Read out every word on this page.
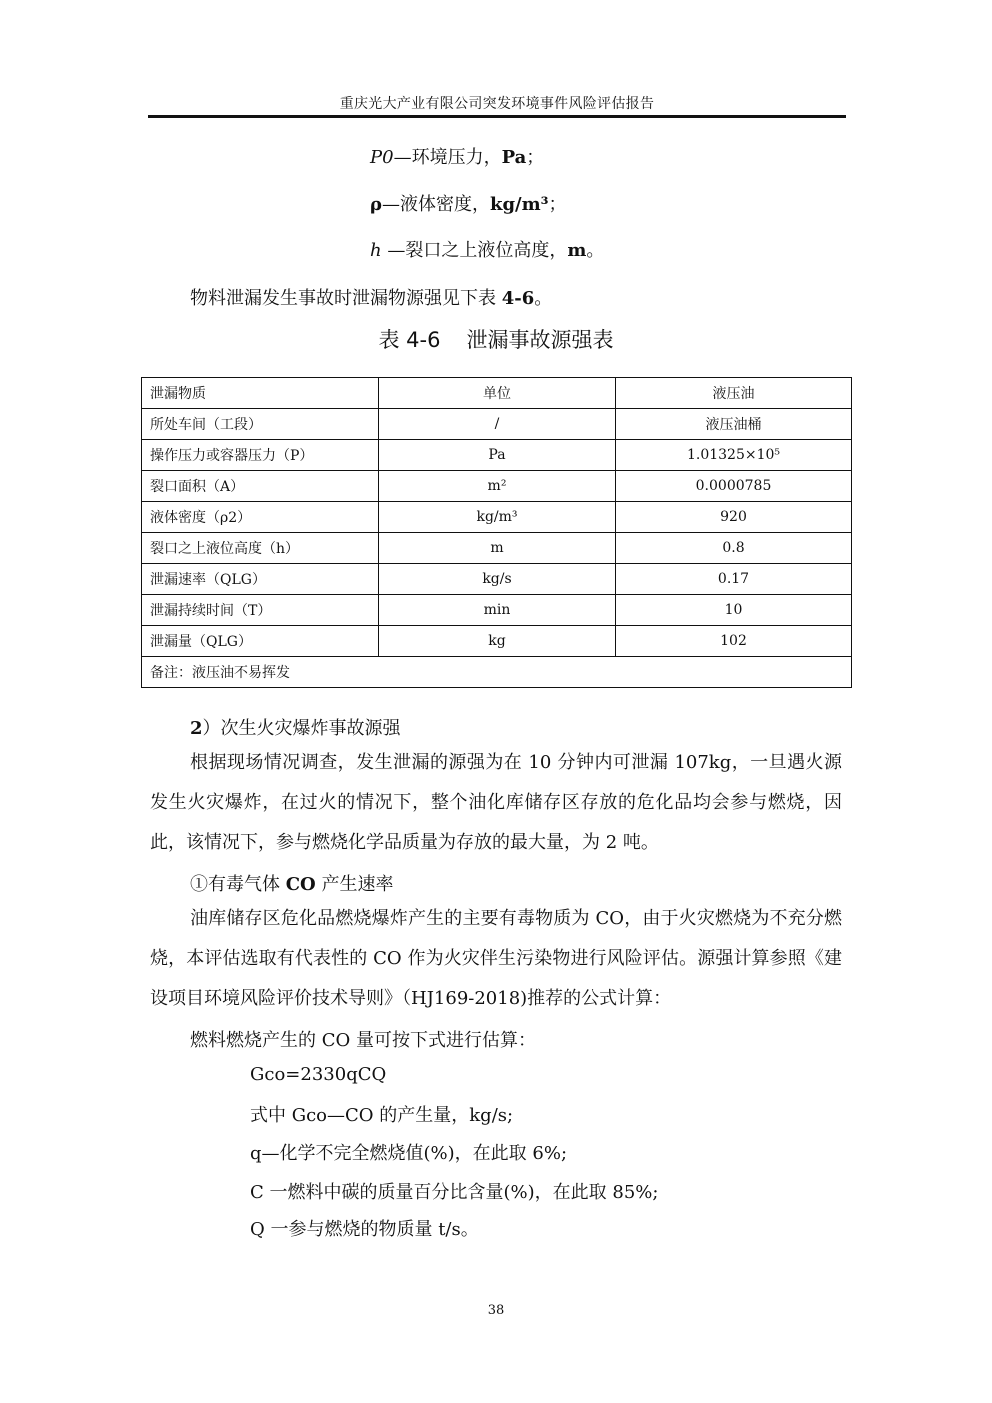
重庆光大产业有限公司突发环境事件风险评估报告
P0—环境压力，Pa；
ρ—液体密度，kg/m³；
h —裂口之上液位高度，m。
物料泄漏发生事故时泄漏物源强见下表 4-6。
表 4-6 泄漏事故源强表
泄漏物质	单位	液压油
所处车间（工段）	/	液压油桶
操作压力或容器压力（P）	Pa	1.01325×10⁵
裂口面积（A）	m²	0.0000785
液体密度（ρ2）	kg/m³	920
裂口之上液位高度（h）	m	0.8
泄漏速率（QLG）	kg/s	0.17
泄漏持续时间（T）	min	10
泄漏量（QLG）	kg	102
备注：液压油不易挥发		
2）次生火灾爆炸事故源强

根据现场情况调查，发生泄漏的源强为在 10 分钟内可泄漏 107kg，一旦遇火源发生火灾爆炸，在过火的情况下，整个油化库储存区存放的危化品均会参与燃烧，因此，该情况下，参与燃烧化学品质量为存放的最大量，为 2 吨。

①有毒气体 CO 产生速率

油库储存区危化品燃烧爆炸产生的主要有毒物质为 CO，由于火灾燃烧为不充分燃烧，本评估选取有代表性的 CO 作为火灾伴生污染物进行风险评估。源强计算参照《建设项目环境风险评价技术导则》（HJ169-2018)推荐的公式计算：

燃料燃烧产生的 CO 量可按下式进行估算：
Gco=2330qCQ
式中 Gco—CO 的产生量，kg/s;
q—化学不完全燃烧值(%)，在此取 6%;
C 一燃料中碳的质量百分比含量(%)，在此取 85%;
Q 一参与燃烧的物质量 t/s。
38
